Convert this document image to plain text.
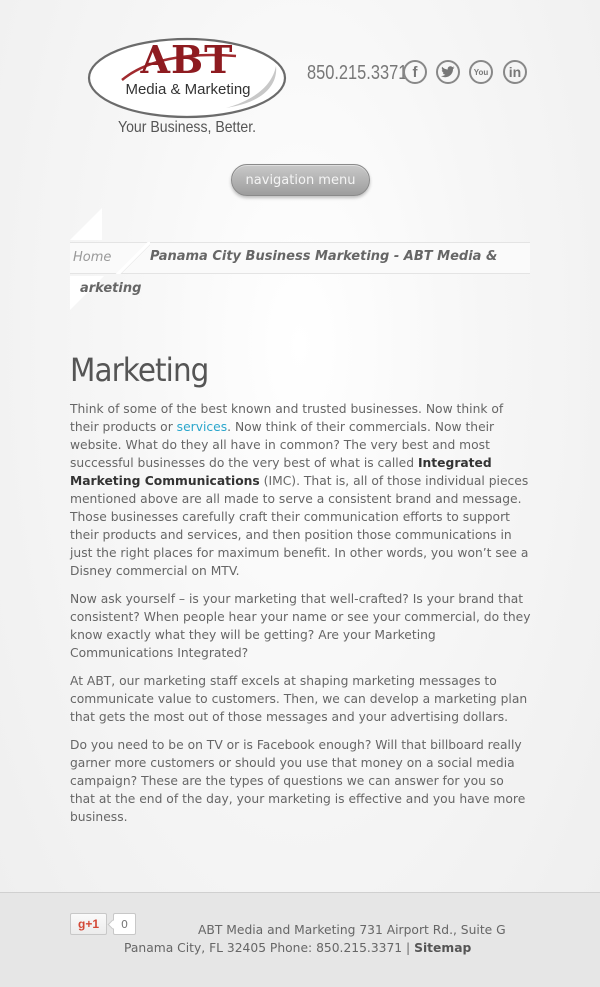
ABT
Media & Marketing
Your Business, Better.
850.215.3371 f	You in
navigation menu
Home	Panama City Business Marketing - ABT Media &
arketing
Marketing

Think of some of the best known and trusted businesses. Now think of their products or services. Now think of their commercials. Now their website. What do they all have in common? The very best and most successful businesses do the very best of what is called Integrated Marketing Communications (IMC). That is, all of those individual pieces mentioned above are all made to serve a consistent brand and message. Those businesses carefully craft their communication efforts to support their products and services, and then position those communications in just the right places for maximum benefit. In other words, you won’t see a Disney commercial on MTV.

Now ask yourself – is your marketing that well-crafted? Is your brand that consistent? When people hear your name or see your commercial, do they know exactly what they will be getting? Are your Marketing Communications Integrated?

At ABT, our marketing staff excels at shaping marketing messages to communicate value to customers. Then, we can develop a marketing plan that gets the most out of those messages and your advertising dollars.

Do you need to be on TV or is Facebook enough? Will that billboard really garner more customers or should you use that money on a social media campaign? These are the types of questions we can answer for you so that at the end of the day, your marketing is effective and you have more business.

g+1	0	ABT Media and Marketing 731 Airport Rd., Suite G
Panama City, FL 32405 Phone: 850.215.3371 | Sitemap
